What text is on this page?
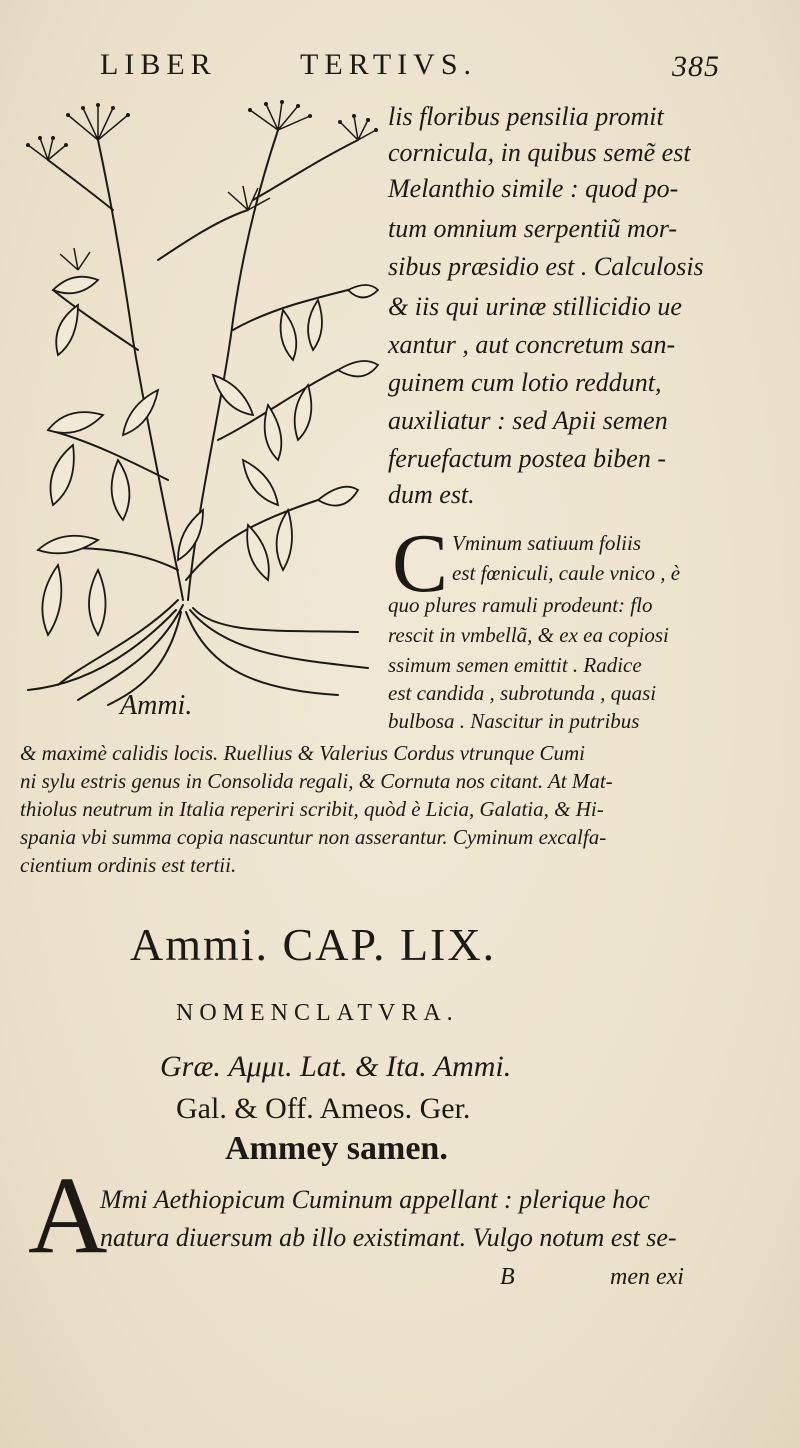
LIBER	TERTIVS.	385
Ammi.
lis floribus pensilia promit
cornicula, in quibus semẽ est
Melanthio simile : quod po-
tum omnium serpentiũ mor-
sibus præsidio est . Calculosis
& iis qui urinæ stillicidio ue
xantur , aut concretum san-
guinem cum lotio reddunt,
auxiliatur : sed Apii semen
feruefactum postea biben -
dum est.
C Vminum satiuum foliis
est fœniculi, caule vnico , è
quo plures ramuli prodeunt: flo
rescit in vmbellã, & ex ea copiosi
ssimum semen emittit . Radice
est candida , subrotunda , quasi
bulbosa . Nascitur in putribus
& maximè calidis locis. Ruellius & Valerius Cordus vtrunque Cumi
ni sylu estris genus in Consolida regali, & Cornuta nos citant. At Mat-
thiolus neutrum in Italia reperiri scribit, quòd è Licia, Galatia, & Hi-
spania vbi summa copia nascuntur non asserantur. Cyminum excalfa-
cientium ordinis est tertii.
Ammi. CAP. LIX.
NOMENCLATVRA.
Græ. Αμμι. Lat. & Ita. Ammi.
Gal. & Off. Ameos. Ger.
Ammey samen.
A
Mmi Aethiopicum Cuminum appellant : plerique hoc
natura diuersum ab illo existimant. Vulgo notum est se-
B	men exi
